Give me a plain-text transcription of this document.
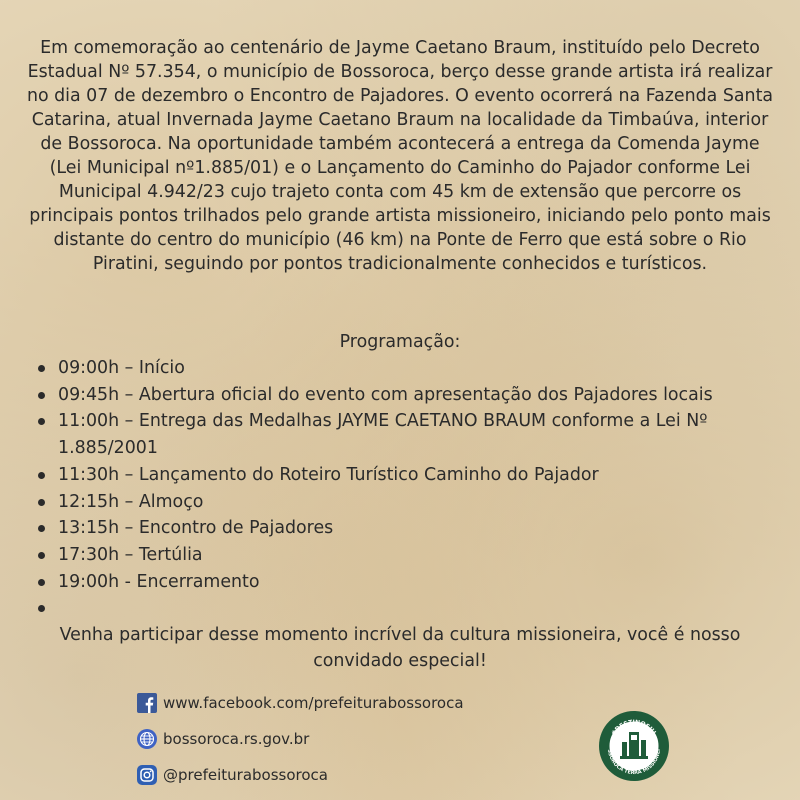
Em comemoração ao centenário de Jayme Caetano Braum, instituído pelo Decreto Estadual Nº 57.354, o município de Bossoroca, berço desse grande artista irá realizar no dia 07 de dezembro o Encontro de Pajadores. O evento ocorrerá na Fazenda Santa Catarina, atual Invernada Jayme Caetano Braum na localidade da Timbaúva, interior de Bossoroca. Na oportunidade também acontecerá a entrega da Comenda Jayme (Lei Municipal nº1.885/01) e o Lançamento do Caminho do Pajador conforme Lei Municipal 4.942/23 cujo trajeto conta com 45 km de extensão que percorre os principais pontos trilhados pelo grande artista missioneiro, iniciando pelo ponto mais distante do centro do município (46 km) na Ponte de Ferro que está sobre o Rio Piratini, seguindo por pontos tradicionalmente conhecidos e turísticos.

Programação:

09:00h – Início
09:45h – Abertura oficial do evento com apresentação dos Pajadores locais
11:00h – Entrega das Medalhas JAYME CAETANO BRAUM conforme a Lei Nº 1.885/2001
11:30h – Lançamento do Roteiro Turístico Caminho do Pajador
12:15h – Almoço
13:15h – Encontro de Pajadores
17:30h – Tertúlia
19:00h - Encerramento

Venha participar desse momento incrível da cultura missioneira, você é nosso convidado especial!

www.facebook.com/prefeiturabossoroca
bossoroca.rs.gov.br
@prefeiturabossoroca
#DESTINOSUL
SSOROCA TERRA MISSIONEI
